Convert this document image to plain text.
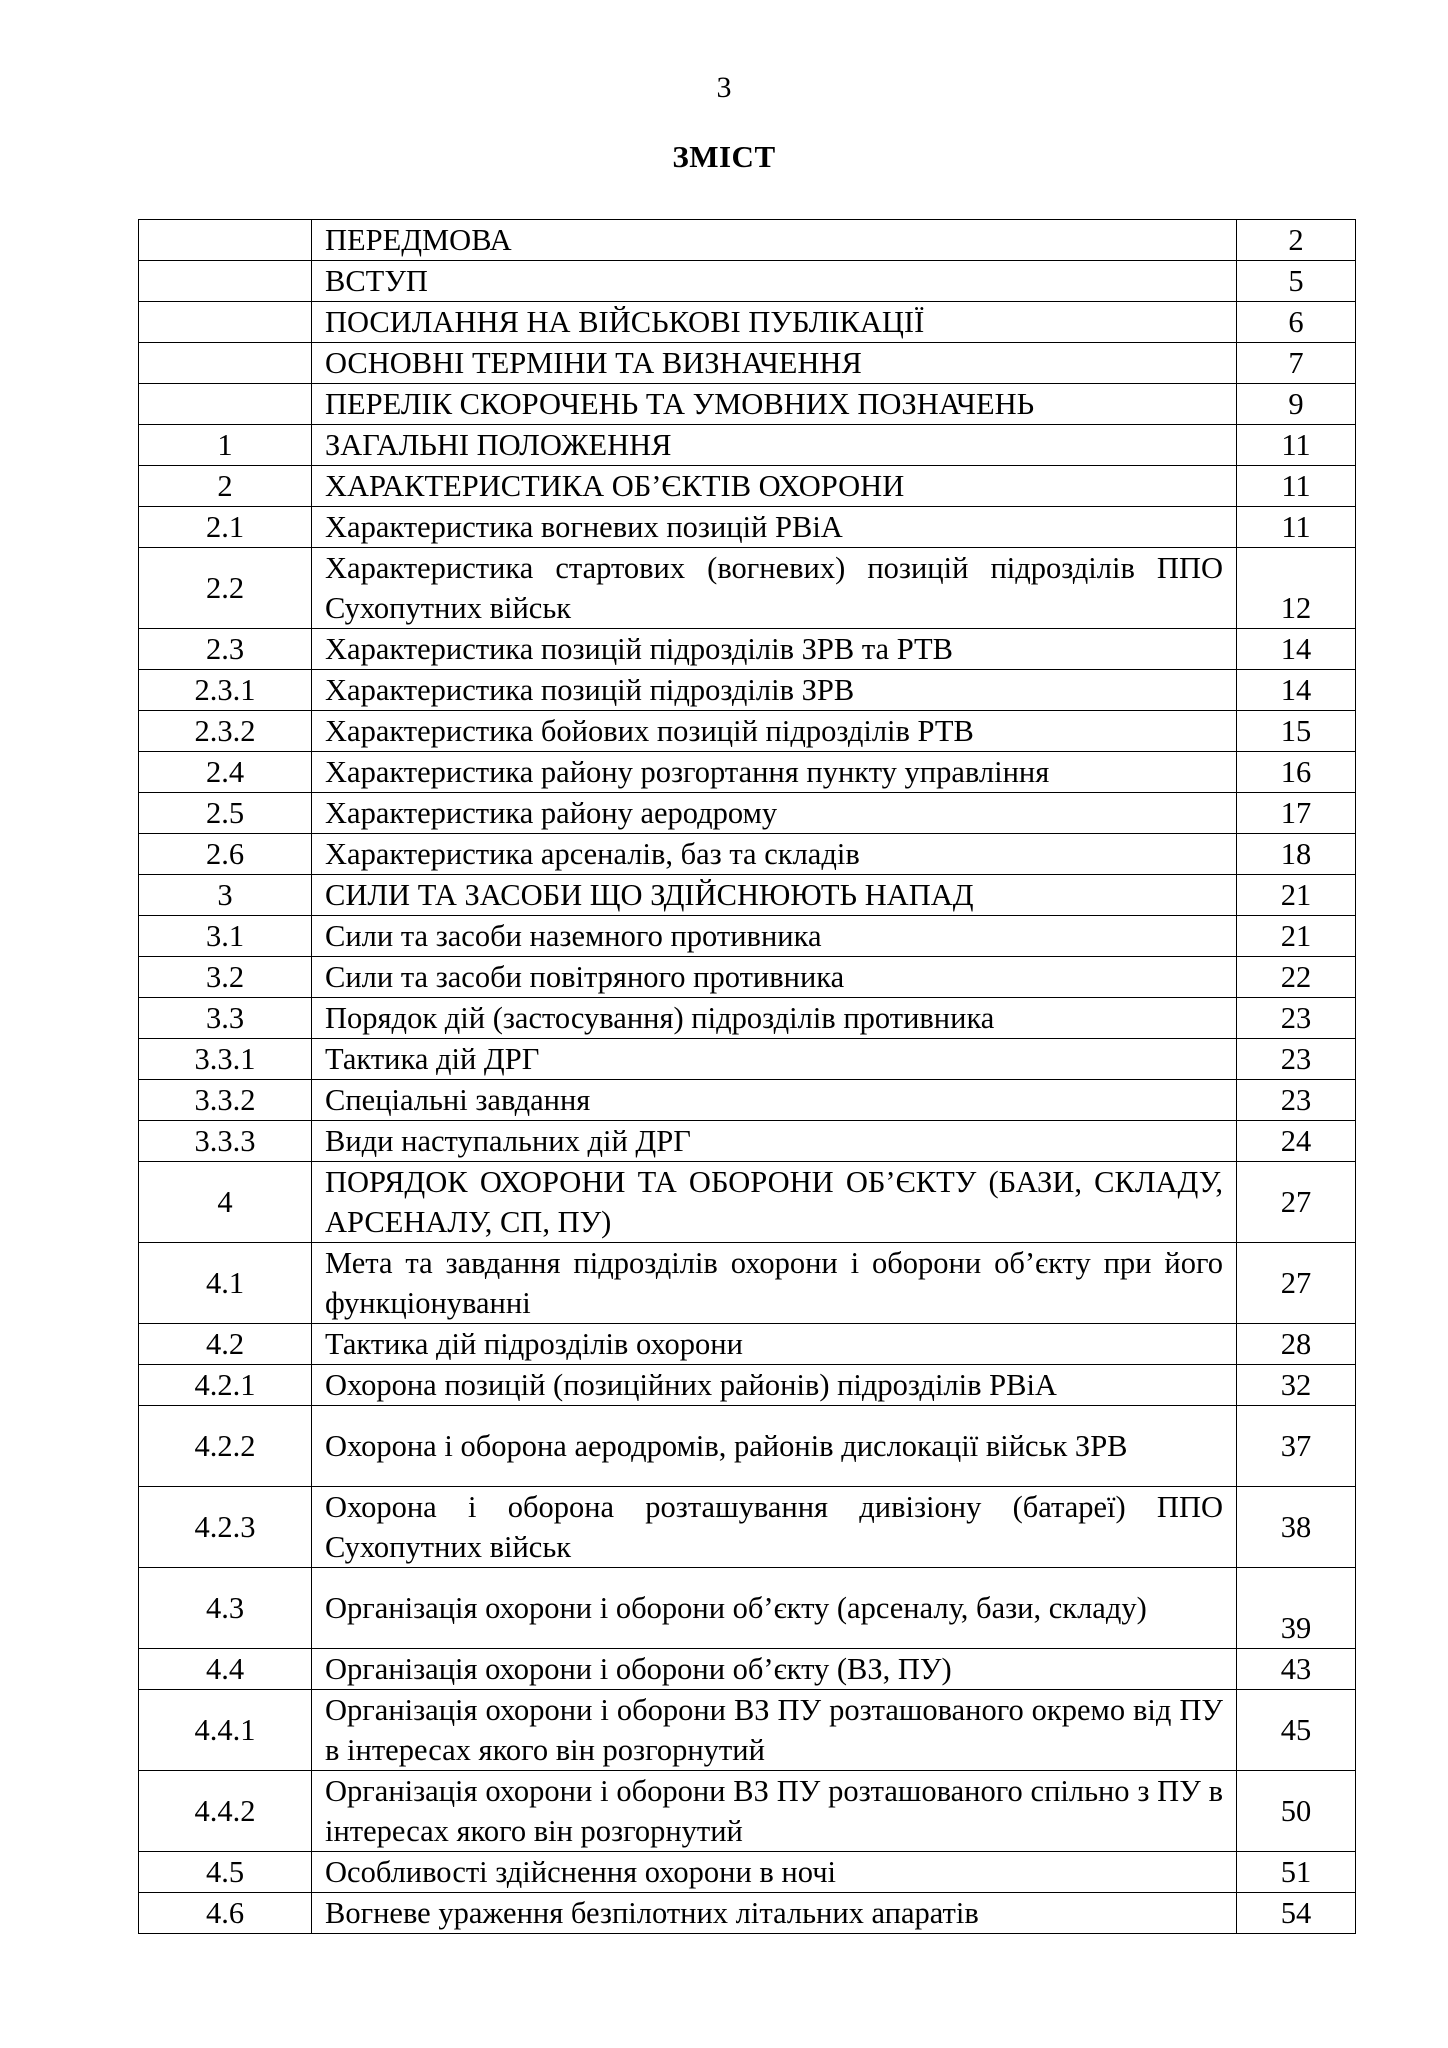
3
ЗМІСТ
	ПЕРЕДМОВА	2
	ВСТУП	5
	ПОСИЛАННЯ НА ВІЙСЬКОВІ ПУБЛІКАЦІЇ	6
	ОСНОВНІ ТЕРМІНИ ТА ВИЗНАЧЕННЯ	7
	ПЕРЕЛІК СКОРОЧЕНЬ ТА УМОВНИХ ПОЗНАЧЕНЬ	9
1	ЗАГАЛЬНІ ПОЛОЖЕННЯ	11
2	ХАРАКТЕРИСТИКА ОБ’ЄКТІВ ОХОРОНИ	11
2.1	Характеристика вогневих позицій РВіА	11
2.2	Характеристика стартових (вогневих) позицій підрозділів ППО Сухопутних військ	12
2.3	Характеристика позицій підрозділів ЗРВ та РТВ	14
2.3.1	Характеристика позицій підрозділів ЗРВ	14
2.3.2	Характеристика бойових позицій підрозділів РТВ	15
2.4	Характеристика району розгортання пункту управління	16
2.5	Характеристика району аеродрому	17
2.6	Характеристика арсеналів, баз та складів	18
3	СИЛИ ТА ЗАСОБИ ЩО ЗДІЙСНЮЮТЬ НАПАД	21
3.1	Сили та засоби наземного противника	21
3.2	Сили та засоби повітряного противника	22
3.3	Порядок дій (застосування) підрозділів противника	23
3.3.1	Тактика дій ДРГ	23
3.3.2	Спеціальні завдання	23
3.3.3	Види наступальних дій ДРГ	24
4	ПОРЯДОК ОХОРОНИ ТА ОБОРОНИ ОБ’ЄКТУ (БАЗИ, СКЛАДУ, АРСЕНАЛУ, СП, ПУ)	27
4.1	Мета та завдання підрозділів охорони і оборони об’єкту при його функціонуванні	27
4.2	Тактика дій підрозділів охорони	28
4.2.1	Охорона позицій (позиційних районів) підрозділів РВіА	32
4.2.2	Охорона і оборона аеродромів, районів дислокації військ ЗРВ	37
4.2.3	Охорона і оборона розташування дивізіону (батареї) ППО Сухопутних військ	38
4.3	Організація охорони і оборони об’єкту (арсеналу, бази, складу)	39
4.4	Організація охорони і оборони об’єкту (ВЗ, ПУ)	43
4.4.1	Організація охорони і оборони ВЗ ПУ розташованого окремо від ПУ в інтересах якого він розгорнутий	45
4.4.2	Організація охорони і оборони ВЗ ПУ розташованого спільно з ПУ в інтересах якого він розгорнутий	50
4.5	Особливості здійснення охорони в ночі	51
4.6	Вогневе ураження безпілотних літальних апаратів	54
